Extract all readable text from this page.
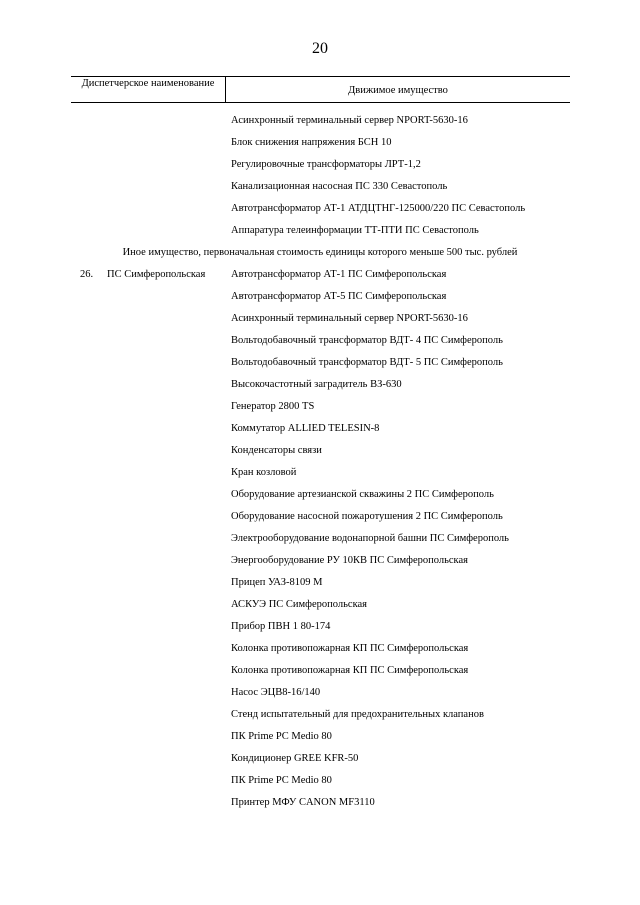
20
Диспетчерское наименование
Движимое имущество
Асинхронный терминальный сервер NPORT-5630-16
Блок снижения напряжения БСН 10
Регулировочные трансформаторы ЛРТ-1,2
Канализационная насосная ПС 330 Севастополь
Автотрансформатор АТ-1 АТДЦТНГ-125000/220 ПС Севастополь
Аппаратура телеинформации ТТ-ПТИ ПС Севастополь
Иное имущество, первоначальная стоимость единицы которого меньше 500 тыс. рублей
26. ПС Симферопольская Автотрансформатор АТ-1 ПС Симферопольская
Автотрансформатор АТ-5 ПС Симферопольская
Асинхронный терминальный сервер NPORT-5630-16
Вольтодобавочный трансформатор ВДТ- 4 ПС Симферополь
Вольтодобавочный трансформатор ВДТ- 5 ПС Симферополь
Высокочастотный заградитель ВЗ-630
Генератор 2800 TS
Коммутатор ALLIED TELESIN-8
Конденсаторы связи
Кран козловой
Оборудование артезианской скважины 2 ПС Симферополь
Оборудование насосной пожаротушения 2 ПС Симферополь
Электрооборудование водонапорной башни ПС Симферополь
Энергооборудование РУ 10КВ ПС Симферопольская
Прицеп УАЗ-8109 М
АСКУЭ ПС Симферопольская
Прибор ПВН 1 80-174
Колонка противопожарная КП ПС Симферопольская
Колонка противопожарная КП ПС Симферопольская
Насос ЭЦВ8-16/140
Стенд испытательный для предохранительных клапанов
ПК Prime PC Medio 80
Кондиционер GREE KFR-50
ПК Prime PC Medio 80
Принтер МФУ CANON MF3110
